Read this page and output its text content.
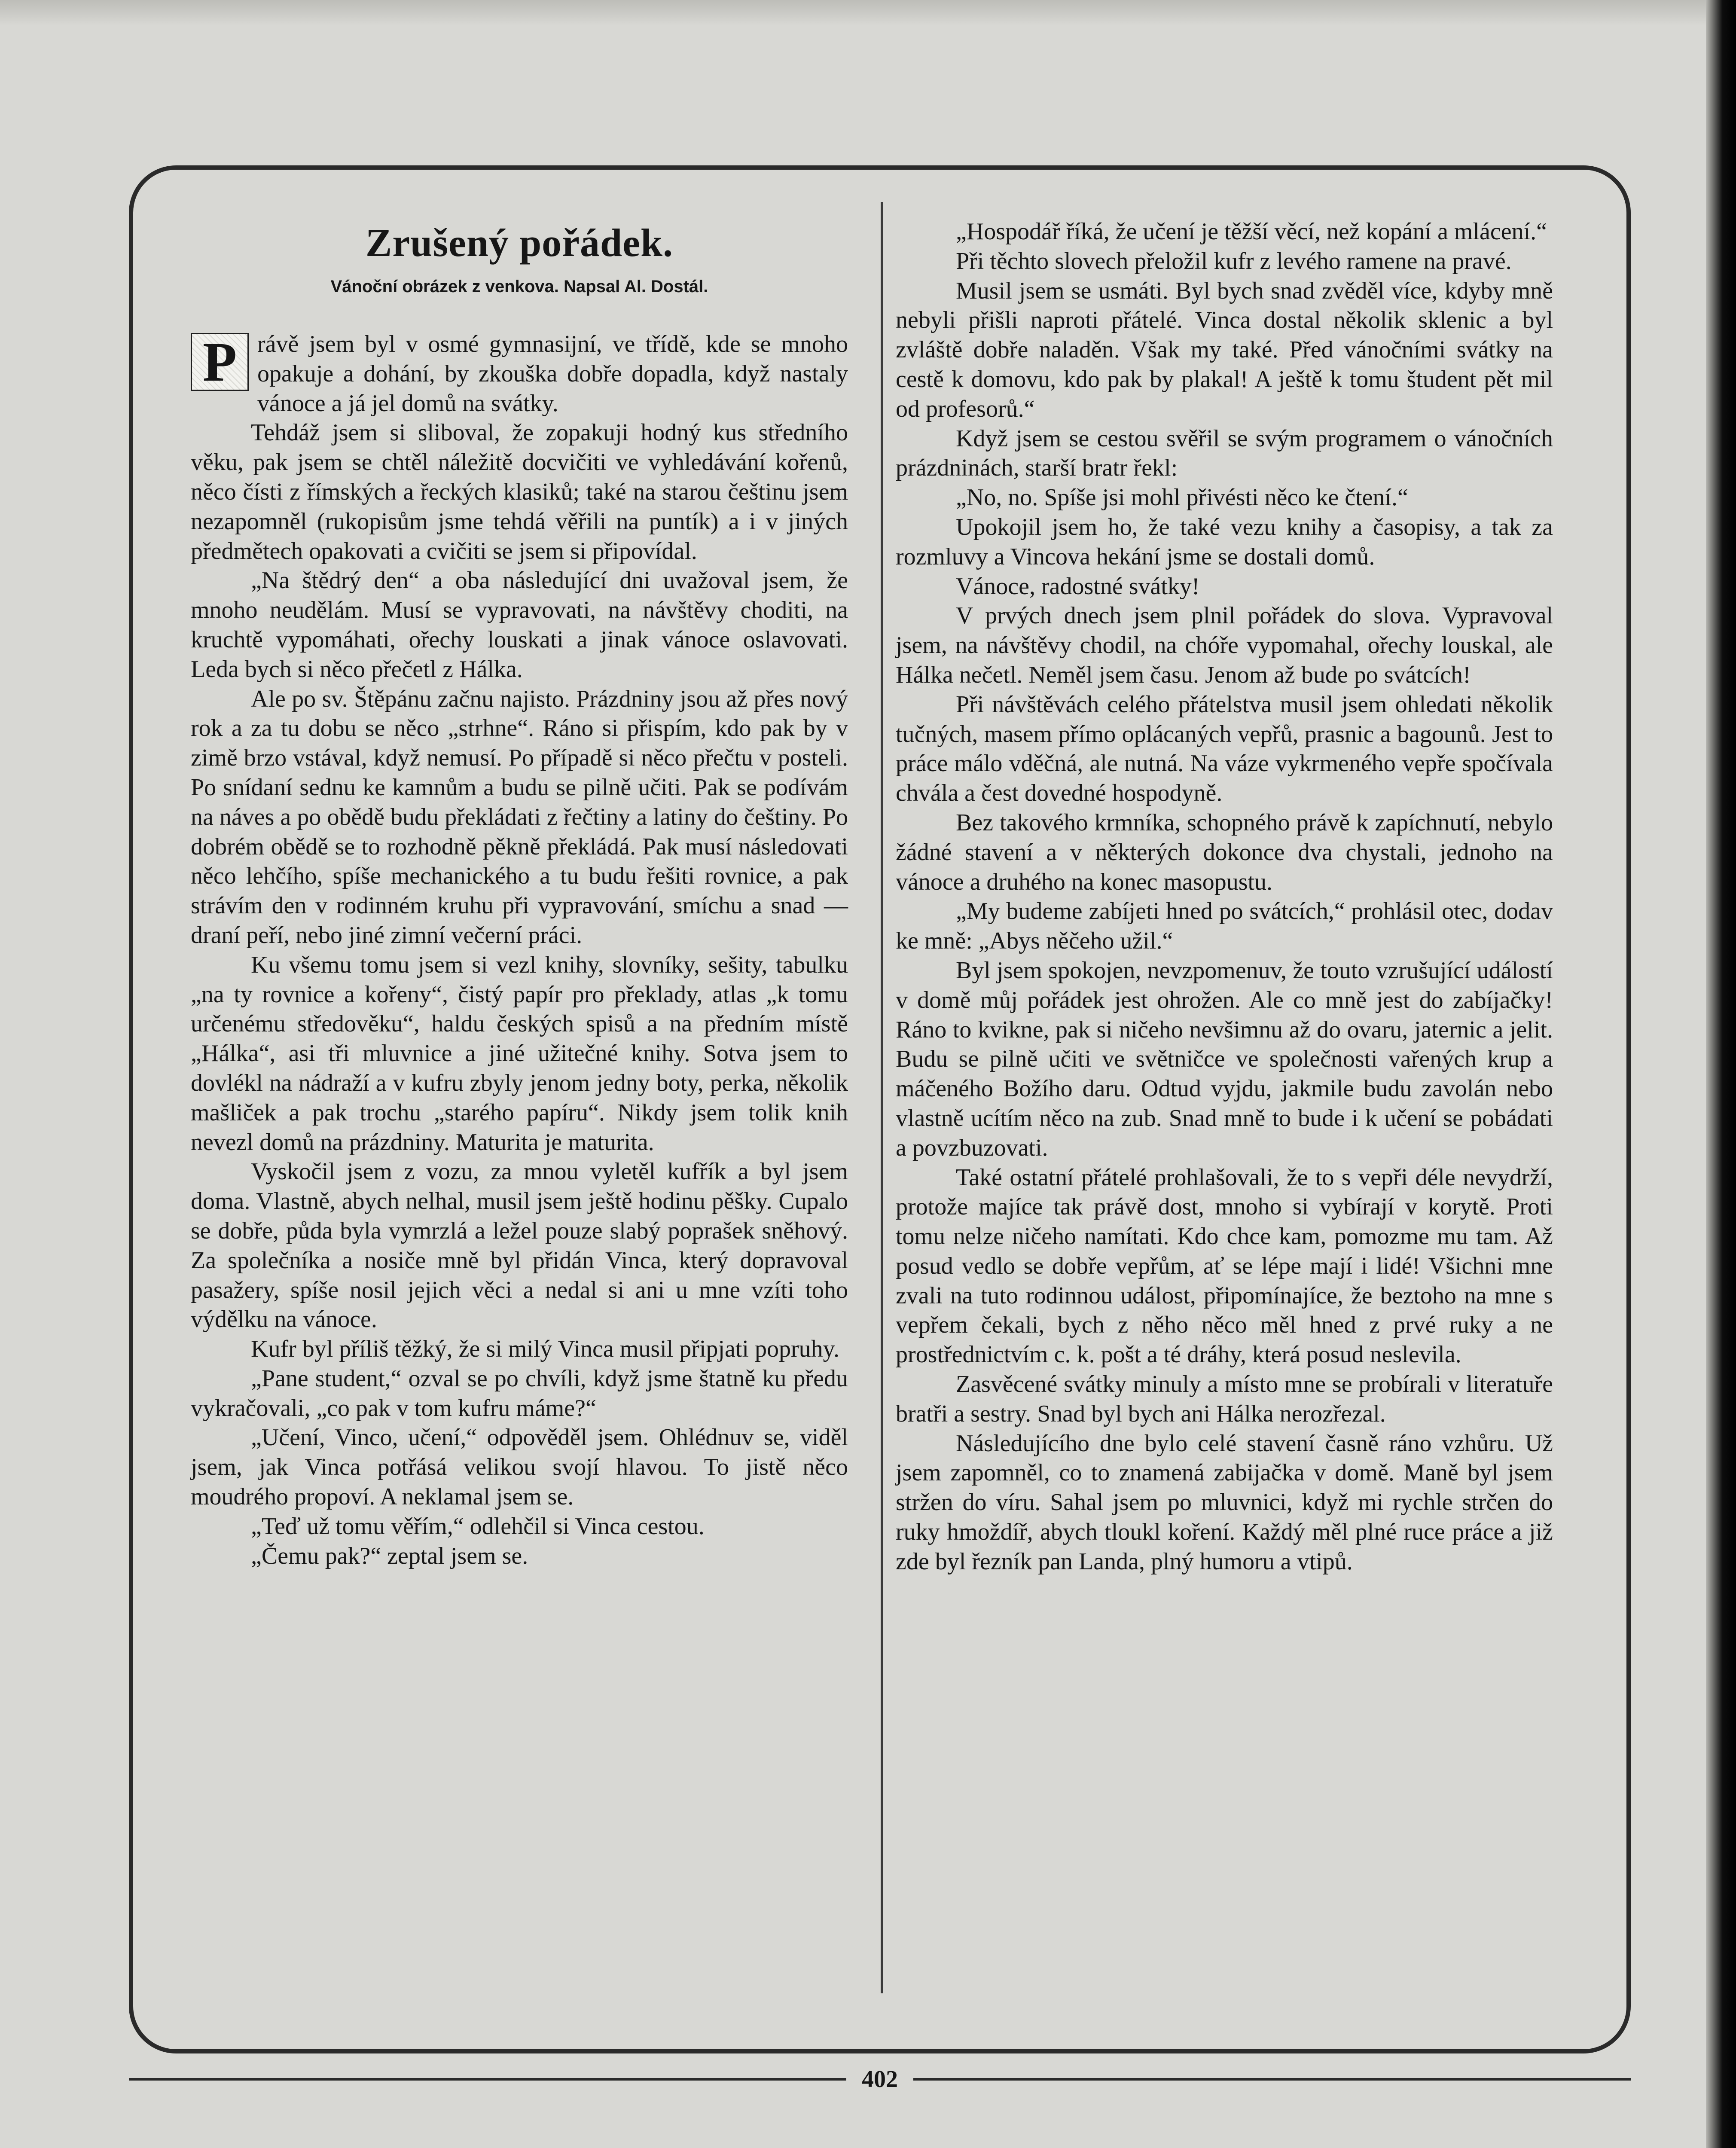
Zrušený pořádek.
Vánoční obrázek z venkova. Napsal Al. Dostál.

P rávě jsem byl v osmé gymnasijní, ve třídě, kde se mnoho opakuje a dohání, by zkouška dobře dopadla, když nastaly vánoce a já jel domů na svátky.

Tehdáž jsem si sliboval, že zopakuji hodný kus středního věku, pak jsem se chtěl náležitě docvičiti ve vyhledávání kořenů, něco čísti z římských a řeckých klasiků; také na starou češtinu jsem nezapomněl (rukopisům jsme tehdá věřili na puntík) a i v jiných předmětech opakovati a cvičiti se jsem si připovídal.

„Na štědrý den“ a oba následující dni uvažoval jsem, že mnoho neudělám. Musí se vypravovati, na návštěvy choditi, na kruchtě vypomáhati, ořechy louskati a jinak vánoce oslavovati. Leda bych si něco přečetl z Hálka.

Ale po sv. Štěpánu začnu najisto. Prázdniny jsou až přes nový rok a za tu dobu se něco „strhne“. Ráno si přispím, kdo pak by v zimě brzo vstával, když nemusí. Po případě si něco přečtu v posteli. Po snídaní sednu ke kamnům a budu se pilně učiti. Pak se podívám na náves a po obědě budu překládati z řečtiny a latiny do češtiny. Po dobrém obědě se to rozhodně pěkně překládá. Pak musí následovati něco lehčího, spíše mechanického a tu budu řešiti rovnice, a pak strávím den v rodinném kruhu při vypravování, smíchu a snad — draní peří, nebo jiné zimní večerní práci.

Ku všemu tomu jsem si vezl knihy, slovníky, sešity, tabulku „na ty rovnice a kořeny“, čistý papír pro překlady, atlas „k tomu určenému středověku“, haldu českých spisů a na předním místě „Hálka“, asi tři mluvnice a jiné užitečné knihy. Sotva jsem to dovlékl na nádraží a v kufru zbyly jenom jedny boty, perka, několik mašliček a pak trochu „starého papíru“. Nikdy jsem tolik knih nevezl domů na prázdniny. Maturita je maturita.

Vyskočil jsem z vozu, za mnou vyletěl kufřík a byl jsem doma. Vlastně, abych nelhal, musil jsem ještě hodinu pěšky. Cupalo se dobře, půda byla vymrzlá a ležel pouze slabý poprašek sněhový. Za společníka a nosiče mně byl přidán Vinca, který dopravoval pasažery, spíše nosil jejich věci a nedal si ani u mne vzíti toho výdělku na vánoce.

Kufr byl příliš těžký, že si milý Vinca musil připjati popruhy.

„Pane student,“ ozval se po chvíli, když jsme štatně ku předu vykračovali, „co pak v tom kufru máme?“

„Učení, Vinco, učení,“ odpověděl jsem. Ohlédnuv se, viděl jsem, jak Vinca potřásá velikou svojí hlavou. To jistě něco moudrého propoví. A neklamal jsem se.

„Teď už tomu věřím,“ odlehčil si Vinca cestou.

„Čemu pak?“ zeptal jsem se.

„Hospodář říká, že učení je těžší věcí, než kopání a mlácení.“

Při těchto slovech přeložil kufr z levého ramene na pravé.

Musil jsem se usmáti. Byl bych snad zvěděl více, kdyby mně nebyli přišli naproti přátelé. Vinca dostal několik sklenic a byl zvláště dobře naladěn. Však my také. Před vánočními svátky na cestě k domovu, kdo pak by plakal! A ještě k tomu študent pět mil od profesorů.“

Když jsem se cestou svěřil se svým programem o vánočních prázdninách, starší bratr řekl:

„No, no. Spíše jsi mohl přivésti něco ke čtení.“

Upokojil jsem ho, že také vezu knihy a časopisy, a tak za rozmluvy a Vincova hekání jsme se dostali domů.

Vánoce, radostné svátky!

V prvých dnech jsem plnil pořádek do slova. Vypravoval jsem, na návštěvy chodil, na chóře vypomahal, ořechy louskal, ale Hálka nečetl. Neměl jsem času. Jenom až bude po svátcích!

Při návštěvách celého přátelstva musil jsem ohledati několik tučných, masem přímo oplácaných vepřů, prasnic a bagounů. Jest to práce málo vděčná, ale nutná. Na váze vykrmeného vepře spočívala chvála a čest dovedné hospodyně.

Bez takového krmníka, schopného právě k zapíchnutí, nebylo žádné stavení a v některých dokonce dva chystali, jednoho na vánoce a druhého na konec masopustu.

„My budeme zabíjeti hned po svátcích,“ prohlásil otec, dodav ke mně: „Abys něčeho užil.“

Byl jsem spokojen, nevzpomenuv, že touto vzrušující událostí v domě můj pořádek jest ohrožen. Ale co mně jest do zabíjačky! Ráno to kvikne, pak si ničeho nevšimnu až do ovaru, jaternic a jelit. Budu se pilně učiti ve světničce ve společnosti vařených krup a máčeného Božího daru. Odtud vyjdu, jakmile budu zavolán nebo vlastně ucítím něco na zub. Snad mně to bude i k učení se pobádati a povzbuzovati.

Také ostatní přátelé prohlašovali, že to s vepři déle nevydrží, protože majíce tak právě dost, mnoho si vybírají v korytě. Proti tomu nelze ničeho namítati. Kdo chce kam, pomozme mu tam. Až posud vedlo se dobře vepřům, ať se lépe mají i lidé! Všichni mne zvali na tuto rodinnou událost, připomínajíce, že beztoho na mne s vepřem čekali, bych z něho něco měl hned z prvé ruky a ne prostřednictvím c. k. pošt a té dráhy, která posud neslevila.

Zasvěcené svátky minuly a místo mne se probírali v literatuře bratři a sestry. Snad byl bych ani Hálka nerozřezal.

Následujícího dne bylo celé stavení časně ráno vzhůru. Už jsem zapomněl, co to znamená zabijačka v domě. Maně byl jsem stržen do víru. Sahal jsem po mluvnici, když mi rychle strčen do ruky hmoždíř, abych tloukl koření. Každý měl plné ruce práce a již zde byl řezník pan Landa, plný humoru a vtipů.

402
